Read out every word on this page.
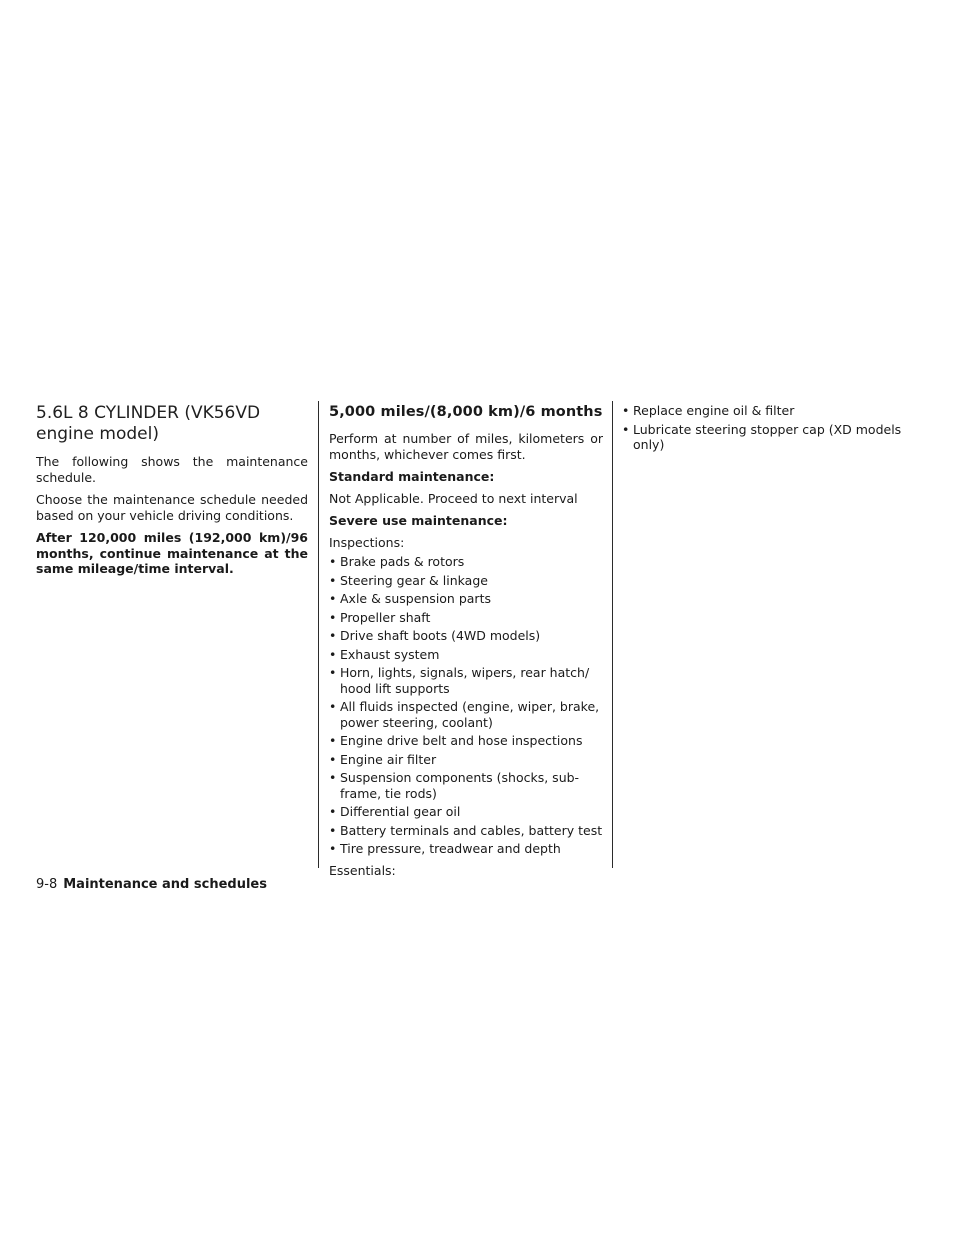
5.6L 8 CYLINDER (VK56VD engine model)

The following shows the maintenance schedule.

Choose the maintenance schedule needed based on your vehicle driving conditions.

After 120,000 miles (192,000 km)/96 months, continue maintenance at the same mileage/time interval.

5,000 miles/(8,000 km)/6 months

Perform at number of miles, kilometers or months, whichever comes first.

Standard maintenance:

Not Applicable. Proceed to next interval

Severe use maintenance:

Inspections:

• Brake pads & rotors
• Steering gear & linkage
• Axle & suspension parts
• Propeller shaft
• Drive shaft boots (4WD models)
• Exhaust system
• Horn, lights, signals, wipers, rear hatch/ hood lift supports
• All fluids inspected (engine, wiper, brake, power steering, coolant)
• Engine drive belt and hose inspections
• Engine air filter
• Suspension components (shocks, sub-frame, tie rods)
• Differential gear oil
• Battery terminals and cables, battery test
• Tire pressure, treadwear and depth

Essentials:

• Replace engine oil & filter
• Lubricate steering stopper cap (XD models only)
9-8 Maintenance and schedules
